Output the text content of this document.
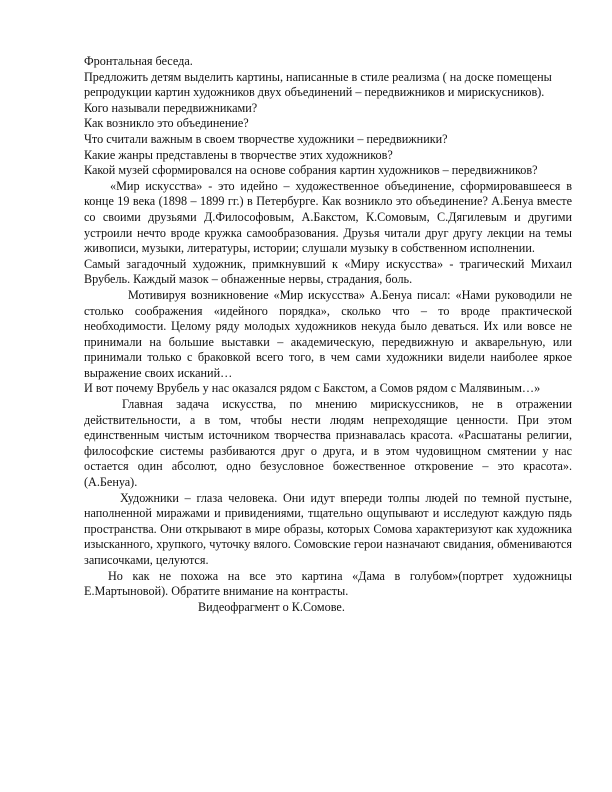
Фронтальная беседа.

Предложить детям выделить картины, написанные в стиле реализма ( на доске помещены репродукции картин художников двух объединений – передвижников и мирискусников).

Кого называли передвижниками?

Как возникло это объединение?

Что считали важным в своем творчестве художники – передвижники?

Какие жанры представлены в творчестве этих художников?

Какой музей сформировался на основе собрания картин художников – передвижников?

«Мир искусства» - это идейно – художественное объединение, сформировавшееся в конце 19 века (1898 – 1899 гг.) в Петербурге. Как возникло это объединение? А.Бенуа вместе со своими друзьями Д.Философовым, А.Бакстом, К.Сомовым, С.Дягилевым и другими устроили нечто вроде кружка самообразования. Друзья читали друг другу лекции на темы живописи, музыки, литературы, истории; слушали музыку в собственном исполнении.

Самый загадочный художник, примкнувший к «Миру искусства» - трагический Михаил Врубель. Каждый мазок – обнаженные нервы, страдания, боль.

Мотивируя возникновение «Мир искусства» А.Бенуа писал: «Нами руководили не столько соображения «идейного порядка», сколько что – то вроде практической необходимости. Целому ряду молодых художников некуда было деваться. Их или вовсе не принимали на большие выставки – академическую, передвижную и акварельную, или принимали только с браковкой всего того, в чем сами художники видели наиболее яркое выражение своих исканий…

И вот почему Врубель у нас оказался рядом с Бакстом, а Сомов рядом с Малявиным…»

Главная задача искусства, по мнению мирискуссников, не в отражении действительности, а в том, чтобы нести людям непреходящие ценности. При этом единственным чистым источником творчества признавалась красота. «Расшатаны религии, философские системы разбиваются друг о друга, и в этом чудовищном смятении у нас остается один абсолют, одно безусловное божественное откровение – это красота». (А.Бенуа).

Художники – глаза человека. Они идут впереди толпы людей по темной пустыне, наполненной миражами и привидениями, тщательно ощупывают и исследуют каждую пядь пространства. Они открывают в мире образы, которых Сомова характеризуют как художника изысканного, хрупкого, чуточку вялого. Сомовские герои назначают свидания, обмениваются записочками, целуются.

Но как не похожа на все это картина «Дама в голубом»(портрет художницы Е.Мартыновой). Обратите внимание на контрасты.

Видеофрагмент о К.Сомове.
